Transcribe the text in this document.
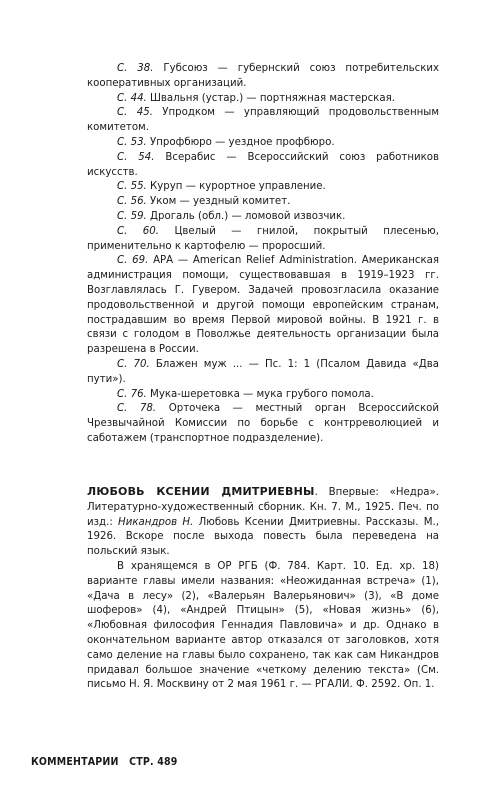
С. 38. Губсоюз — губернский союз потребительских кооперативных организаций.

С. 44. Швальня (устар.) — портняжная мастерская.

С. 45. Упродком — управляющий продовольственным комитетом.

С. 53. Упрофбюро — уездное профбюро.

С. 54. Всерабис — Всероссийский союз работников искусств.

С. 55. Куруп — курортное управление.

С. 56. Уком — уездный комитет.

С. 59. Дрогаль (обл.) — ломовой извозчик.

С. 60. Цвелый — гнилой, покрытый плесенью, применительно к картофелю — проросший.

С. 69. АРА — American Relief Administration. Американская администрация помощи, существовавшая в 1919–1923 гг. Возглавлялась Г. Гувером. Задачей провозгласила оказание продовольственной и другой помощи европейским странам, пострадавшим во время Первой мировой войны. В 1921 г. в связи с голодом в Поволжье деятельность организации была разрешена в России.

С. 70. Блажен муж ... — Пс. 1: 1 (Псалом Давида «Два пути»).

С. 76. Мука-шеретовка — мука грубого помола.

С. 78. Орточека — местный орган Всероссийской Чрезвычайной Комиссии по борьбе с контрреволюцией и саботажем (транспортное подразделение).

ЛЮБОВЬ КСЕНИИ ДМИТРИЕВНЫ. Впервые: «Недра». Литературно-художественный сборник. Кн. 7. М., 1925. Печ. по изд.: Никандров Н. Любовь Ксении Дмитриевны. Рассказы. М., 1926. Вскоре после выхода повесть была переведена на польский язык.

В хранящемся в ОР РГБ (Ф. 784. Карт. 10. Ед. хр. 18) варианте главы имели названия: «Неожиданная встреча» (1), «Дача в лесу» (2), «Валерьян Валерьянович» (3), «В доме шоферов» (4), «Андрей Птицын» (5), «Новая жизнь» (6), «Любовная философия Геннадия Павловича» и др. Однако в окончательном варианте автор отказался от заголовков, хотя само деление на главы было сохранено, так как сам Никандров придавал большое значение «четкому делению текста» (См. письмо Н. Я. Москвину от 2 мая 1961 г. — РГАЛИ. Ф. 2592. Оп. 1.

КОММЕНТАРИИ   СТР. 489
